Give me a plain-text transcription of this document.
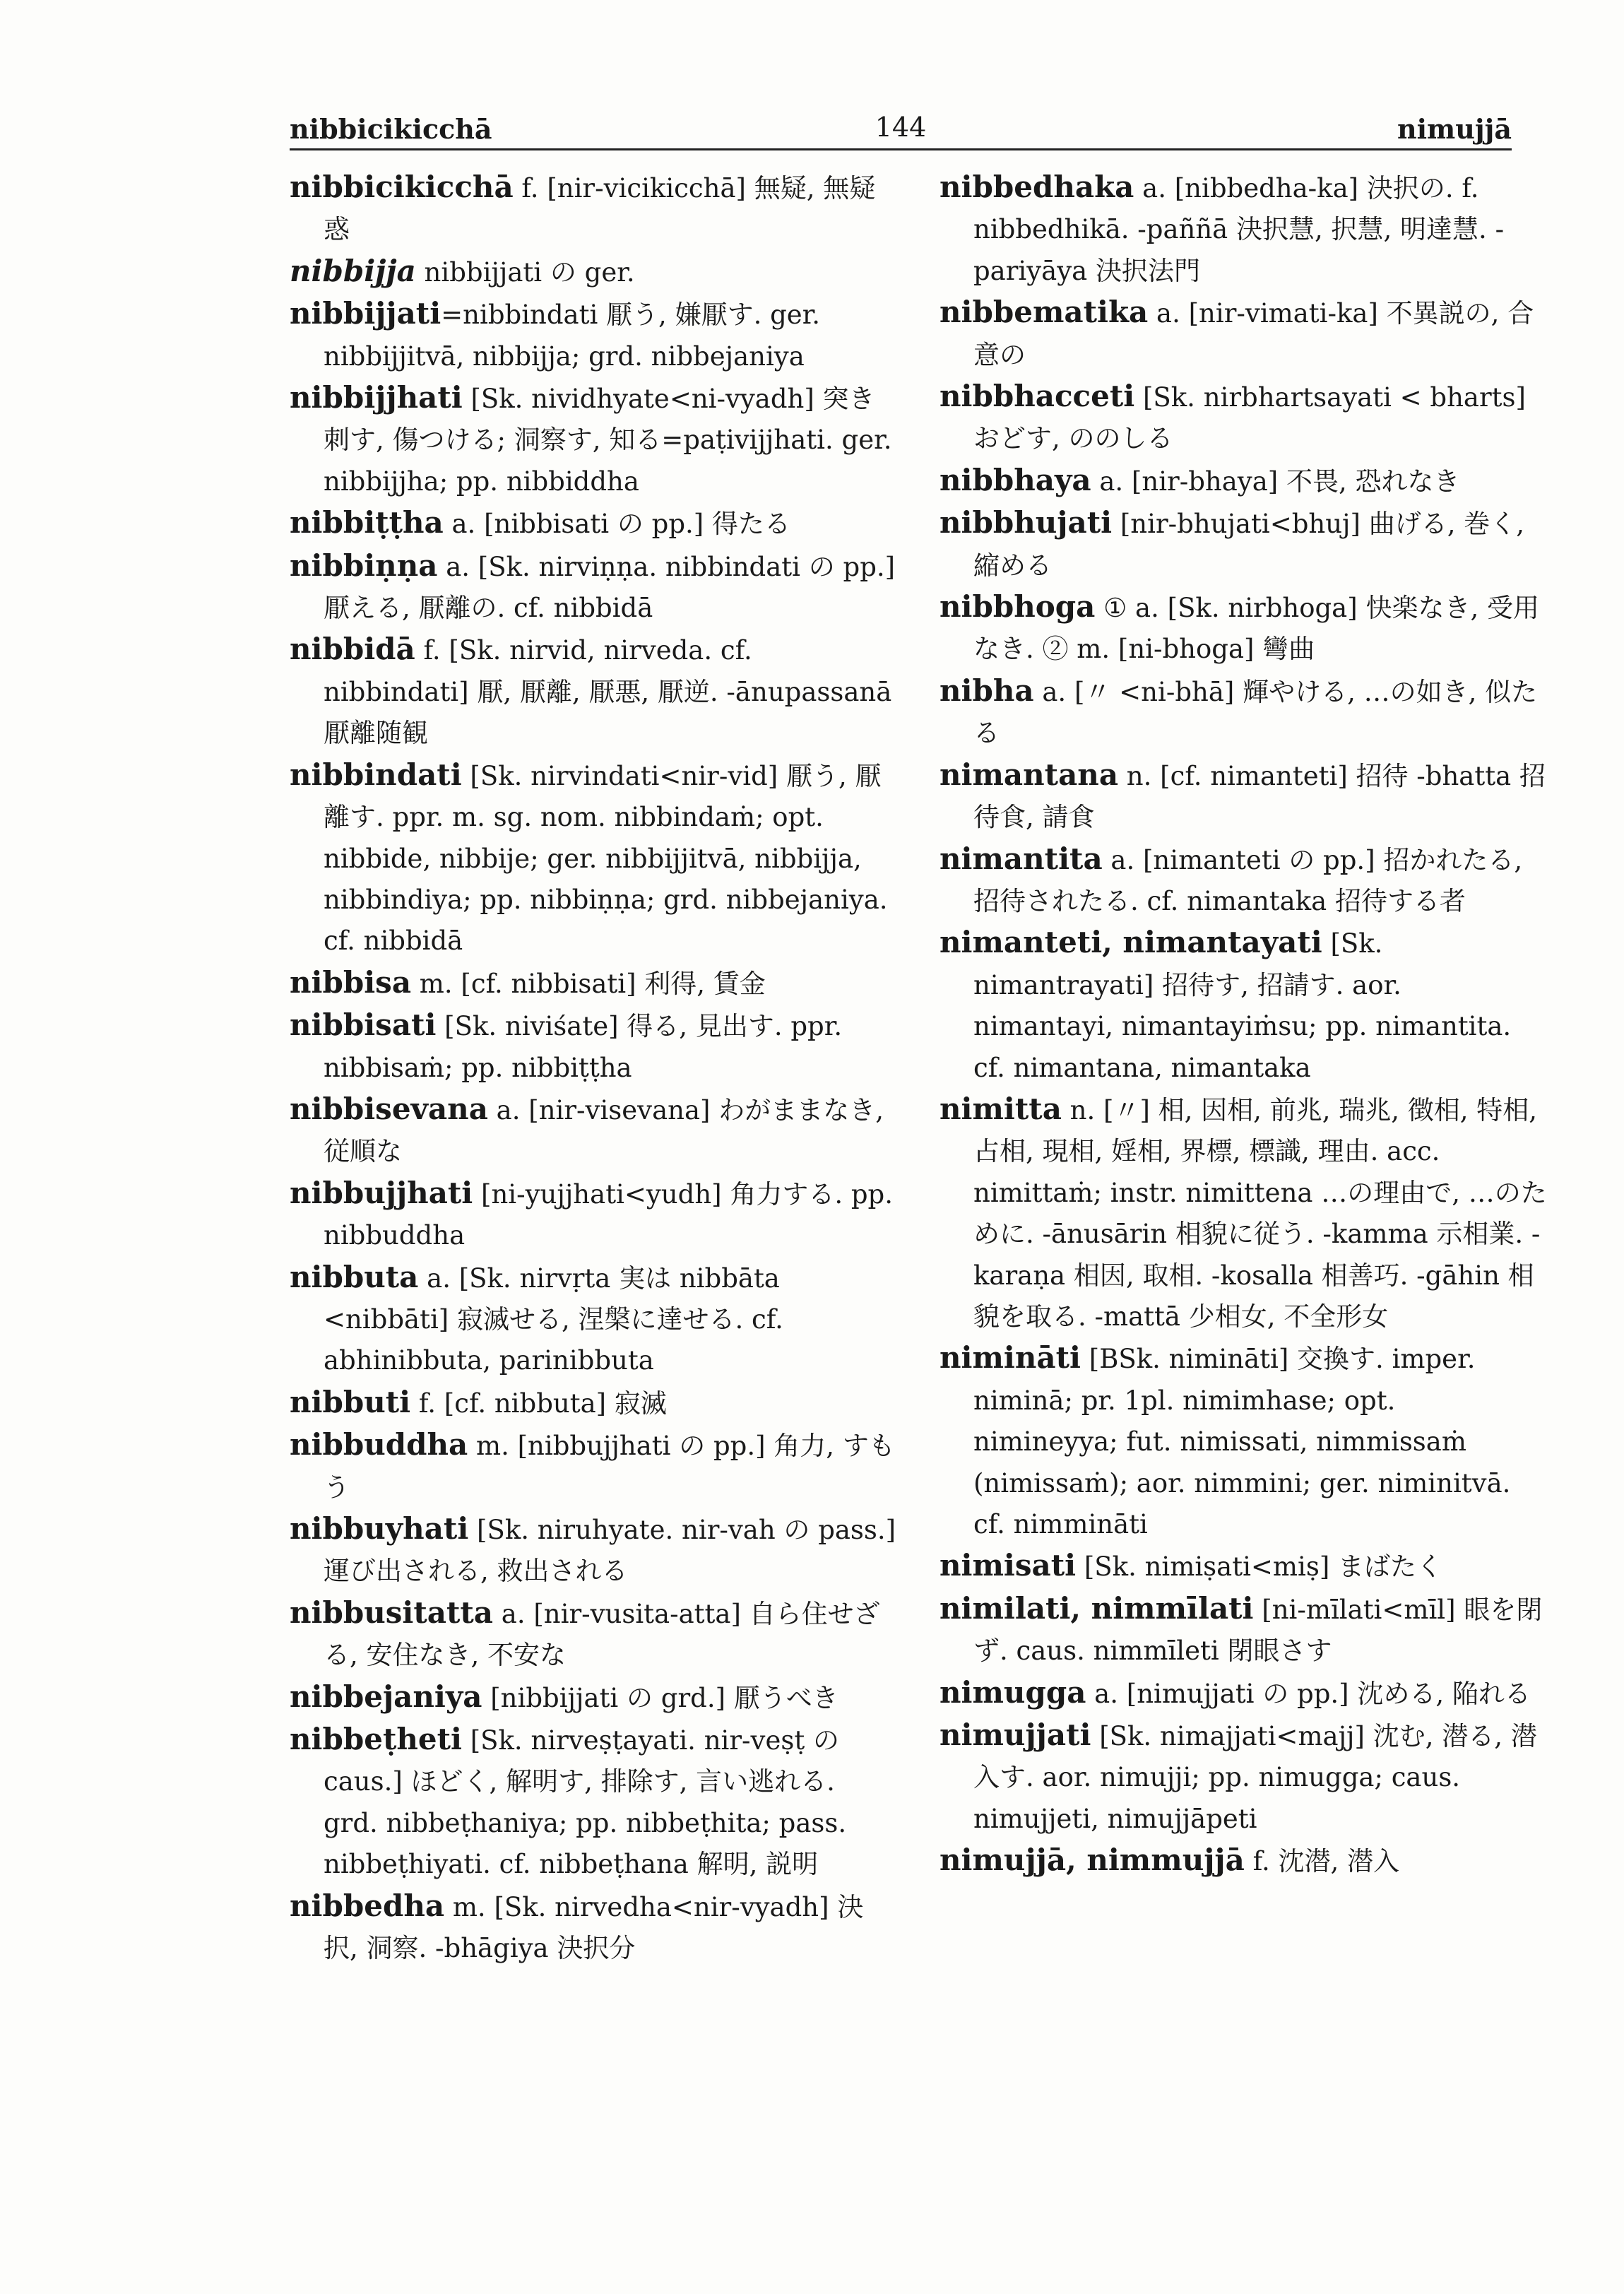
nibbicikicchā	144	nimujjā
nibbicikicchā f. [nir-vicikicchā] 無疑, 無疑惑
nibbijja nibbijjati の ger.
nibbijjati=nibbindati 厭う, 嫌厭す. ger. nibbijjitvā, nibbijja; grd. nibbejaniya
nibbijjhati [Sk. nividhyate<ni-vyadh] 突き刺す, 傷つける; 洞察す, 知る=paṭivijjhati. ger. nibbijjha; pp. nibbiddha
nibbiṭṭha a. [nibbisati の pp.] 得たる
nibbiṇṇa a. [Sk. nirviṇṇa. nibbindati の pp.] 厭える, 厭離の. cf. nibbidā
nibbidā f. [Sk. nirvid, nirveda. cf. nibbindati] 厭, 厭離, 厭悪, 厭逆. -ānupassanā 厭離随観
nibbindati [Sk. nirvindati<nir-vid] 厭う, 厭離す. ppr. m. sg. nom. nibbindaṁ; opt. nibbide, nibbije; ger. nibbijjitvā, nibbijja, nibbindiya; pp. nibbiṇṇa; grd. nibbejaniya. cf. nibbidā
nibbisa m. [cf. nibbisati] 利得, 賃金
nibbisati [Sk. niviśate] 得る, 見出す. ppr. nibbisaṁ; pp. nibbiṭṭha
nibbisevana a. [nir-visevana] わがままなき, 従順な
nibbujjhati [ni-yujjhati<yudh] 角力する. pp. nibbuddha
nibbuta a. [Sk. nirvṛta 実は nibbāta <nibbāti] 寂滅せる, 涅槃に達せる. cf. abhinibbuta, parinibbuta
nibbuti f. [cf. nibbuta] 寂滅
nibbuddha m. [nibbujjhati の pp.] 角力, すもう
nibbuyhati [Sk. niruhyate. nir-vah の pass.] 運び出される, 救出される
nibbusitatta a. [nir-vusita-atta] 自ら住せざる, 安住なき, 不安な
nibbejaniya [nibbijjati の grd.] 厭うべき
nibbeṭheti [Sk. nirveṣṭayati. nir-veṣṭ の caus.] ほどく, 解明す, 排除す, 言い逃れる. grd. nibbeṭhaniya; pp. nibbeṭhita; pass. nibbeṭhiyati. cf. nibbeṭhana 解明, 説明
nibbedha m. [Sk. nirvedha<nir-vyadh] 決択, 洞察. -bhāgiya 決択分
nibbedhaka a. [nibbedha-ka] 決択の. f. nibbedhikā. -paññā 決択慧, 択慧, 明達慧. -pariyāya 決択法門
nibbematika a. [nir-vimati-ka] 不異説の, 合意の
nibbhacceti [Sk. nirbhartsayati < bharts] おどす, ののしる
nibbhaya a. [nir-bhaya] 不畏, 恐れなき
nibbhujati [nir-bhujati<bhuj] 曲げる, 巻く, 縮める
nibbhoga ① a. [Sk. nirbhoga] 快楽なき, 受用なき. ② m. [ni-bhoga] 彎曲
nibha a. [〃 <ni-bhā] 輝やける, …の如き, 似たる
nimantana n. [cf. nimanteti] 招待 -bhatta 招待食, 請食
nimantita a. [nimanteti の pp.] 招かれたる, 招待されたる. cf. nimantaka 招待する者
nimanteti, nimantayati [Sk. nimantrayati] 招待す, 招請す. aor. nimantayi, nimantayiṁsu; pp. nimantita. cf. nimantana, nimantaka
nimitta n. [〃] 相, 因相, 前兆, 瑞兆, 徴相, 特相, 占相, 現相, 婬相, 界標, 標識, 理由. acc. nimittaṁ; instr. nimittena …の理由で, …のために. -ānusārin 相貌に従う. -kamma 示相業. -karaṇa 相因, 取相. -kosalla 相善巧. -gāhin 相貌を取る. -mattā 少相女, 不全形女
nimināti [BSk. nimināti] 交換す. imper. niminā; pr. 1pl. nimimhase; opt. nimineyya; fut. nimissati, nimmissaṁ (nimissaṁ); aor. nimmini; ger. niminitvā. cf. nimmināti
nimisati [Sk. nimiṣati<miṣ] まばたく
nimilati, nimmīlati [ni-mīlati<mīl] 眼を閉ず. caus. nimmīleti 閉眼さす
nimugga a. [nimujjati の pp.] 沈める, 陥れる
nimujjati [Sk. nimajjati<majj] 沈む, 潜る, 潜入す. aor. nimujji; pp. nimugga; caus. nimujjeti, nimujjāpeti
nimujjā, nimmujjā f. 沈潜, 潜入
